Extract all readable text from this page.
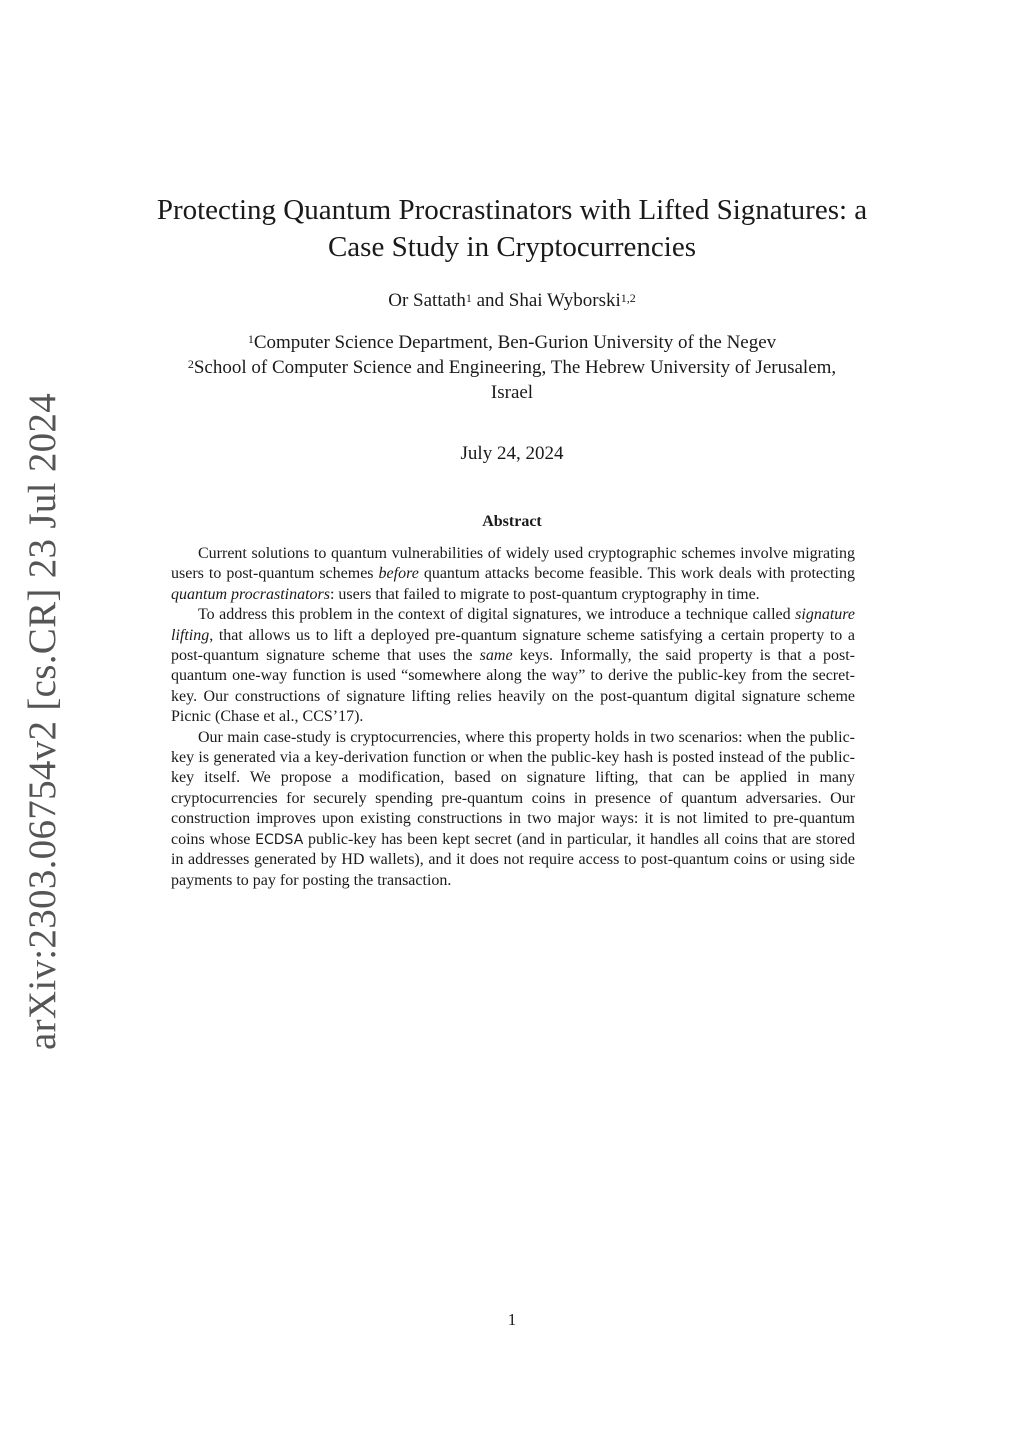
arXiv:2303.06754v2 [cs.CR] 23 Jul 2024
Protecting Quantum Procrastinators with Lifted Signatures: a
Case Study in Cryptocurrencies
Or Sattath$^1$ and Shai Wyborski$^{1,2}$
$^1$Computer Science Department, Ben-Gurion University of the Negev
$^2$School of Computer Science and Engineering, The Hebrew University of Jerusalem,
Israel
July 24, 2024
Abstract

Current solutions to quantum vulnerabilities of widely used cryptographic schemes involve migrating users to post-quantum schemes before quantum attacks become feasible. This work deals with protecting quantum procrastinators: users that failed to migrate to post-quantum cryptography in time.

To address this problem in the context of digital signatures, we introduce a technique called signature lifting, that allows us to lift a deployed pre-quantum signature scheme satisfying a certain property to a post-quantum signature scheme that uses the same keys. Informally, the said property is that a post-quantum one-way function is used “somewhere along the way” to derive the public-key from the secret-key. Our constructions of signature lifting relies heavily on the post-quantum digital signature scheme Picnic (Chase et al., CCS’17).

Our main case-study is cryptocurrencies, where this property holds in two scenarios: when the public-key is generated via a key-derivation function or when the public-key hash is posted instead of the public-key itself. We propose a modification, based on signature lifting, that can be applied in many cryptocurrencies for securely spending pre-quantum coins in presence of quantum adversaries. Our construction improves upon existing constructions in two major ways: it is not limited to pre-quantum coins whose ECDSA public-key has been kept secret (and in particular, it handles all coins that are stored in addresses generated by HD wallets), and it does not require access to post-quantum coins or using side payments to pay for posting the transaction.

1
